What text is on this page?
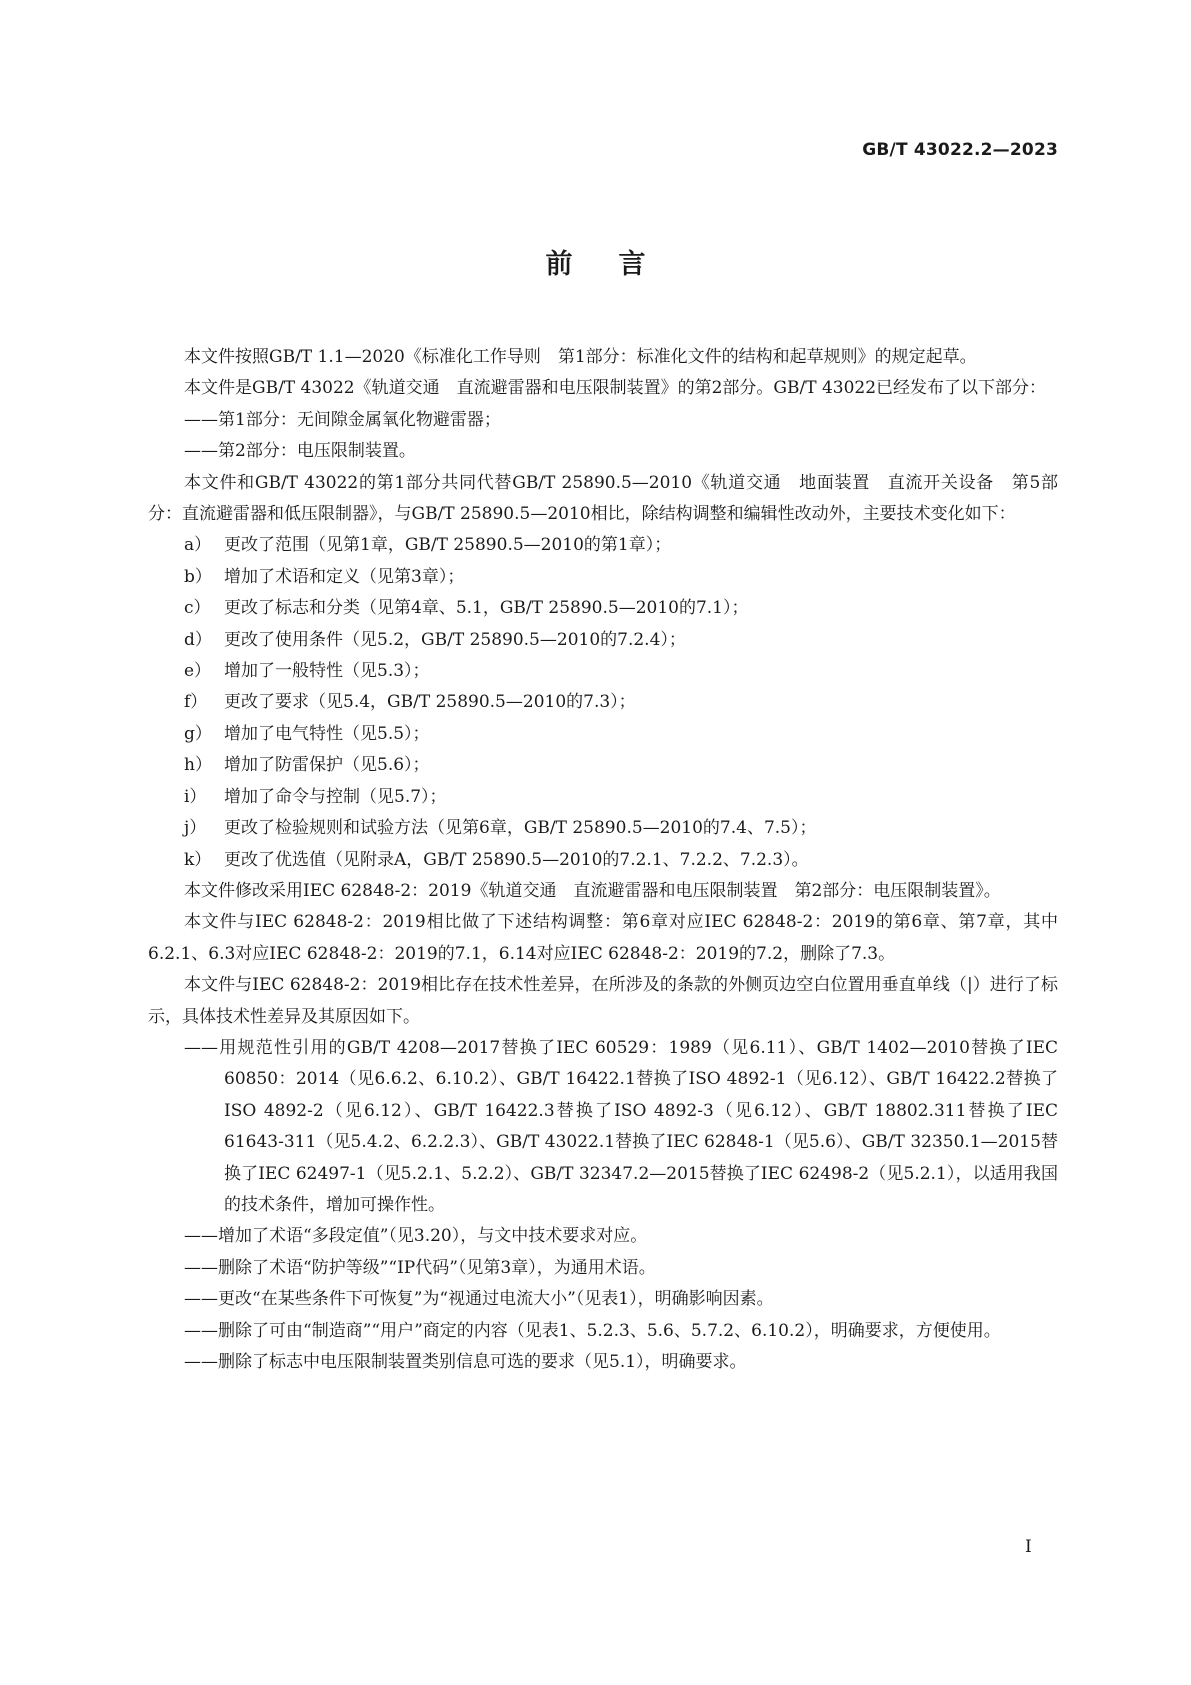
GB/T 43022.2—2023
前言

本文件按照GB/T 1.1—2020《标准化工作导则　第1部分：标准化文件的结构和起草规则》的规定起草。

本文件是GB/T 43022《轨道交通　直流避雷器和电压限制装置》的第2部分。GB/T 43022已经发布了以下部分：

——第1部分：无间隙金属氧化物避雷器；

——第2部分：电压限制装置。

本文件和GB/T 43022的第1部分共同代替GB/T 25890.5—2010《轨道交通　地面装置　直流开关设备　第5部分：直流避雷器和低压限制器》，与GB/T 25890.5—2010相比，除结构调整和编辑性改动外，主要技术变化如下：

a） 更改了范围（见第1章，GB/T 25890.5—2010的第1章）；

b） 增加了术语和定义（见第3章）；

c） 更改了标志和分类（见第4章、5.1，GB/T 25890.5—2010的7.1）；

d） 更改了使用条件（见5.2，GB/T 25890.5—2010的7.2.4）；

e） 增加了一般特性（见5.3）；

f） 更改了要求（见5.4，GB/T 25890.5—2010的7.3）；

g） 增加了电气特性（见5.5）；

h） 增加了防雷保护（见5.6）；

i） 增加了命令与控制（见5.7）；

j） 更改了检验规则和试验方法（见第6章，GB/T 25890.5—2010的7.4、7.5）；

k） 更改了优选值（见附录A，GB/T 25890.5—2010的7.2.1、7.2.2、7.2.3）。

本文件修改采用IEC 62848-2：2019《轨道交通　直流避雷器和电压限制装置　第2部分：电压限制装置》。

本文件与IEC 62848-2：2019相比做了下述结构调整：第6章对应IEC 62848-2：2019的第6章、第7章，其中6.2.1、6.3对应IEC 62848-2：2019的7.1，6.14对应IEC 62848-2：2019的7.2，删除了7.3。

本文件与IEC 62848-2：2019相比存在技术性差异，在所涉及的条款的外侧页边空白位置用垂直单线（|）进行了标示，具体技术性差异及其原因如下。

——用规范性引用的GB/T 4208—2017替换了IEC 60529：1989（见6.11）、GB/T 1402—2010替换了IEC 60850：2014（见6.6.2、6.10.2）、GB/T 16422.1替换了ISO 4892-1（见6.12）、GB/T 16422.2替换了ISO 4892-2（见6.12）、GB/T 16422.3替换了ISO 4892-3（见6.12）、GB/T 18802.311替换了IEC 61643-311（见5.4.2、6.2.2.3）、GB/T 43022.1替换了IEC 62848-1（见5.6）、GB/T 32350.1—2015替换了IEC 62497-1（见5.2.1、5.2.2）、GB/T 32347.2—2015替换了IEC 62498-2（见5.2.1），以适用我国的技术条件，增加可操作性。

——增加了术语“多段定值”（见3.20），与文中技术要求对应。

——删除了术语“防护等级”“IP代码”（见第3章），为通用术语。

——更改“在某些条件下可恢复”为“视通过电流大小”（见表1），明确影响因素。

——删除了可由“制造商”“用户”商定的内容（见表1、5.2.3、5.6、5.7.2、6.10.2），明确要求，方便使用。

——删除了标志中电压限制装置类别信息可选的要求（见5.1），明确要求。

I
